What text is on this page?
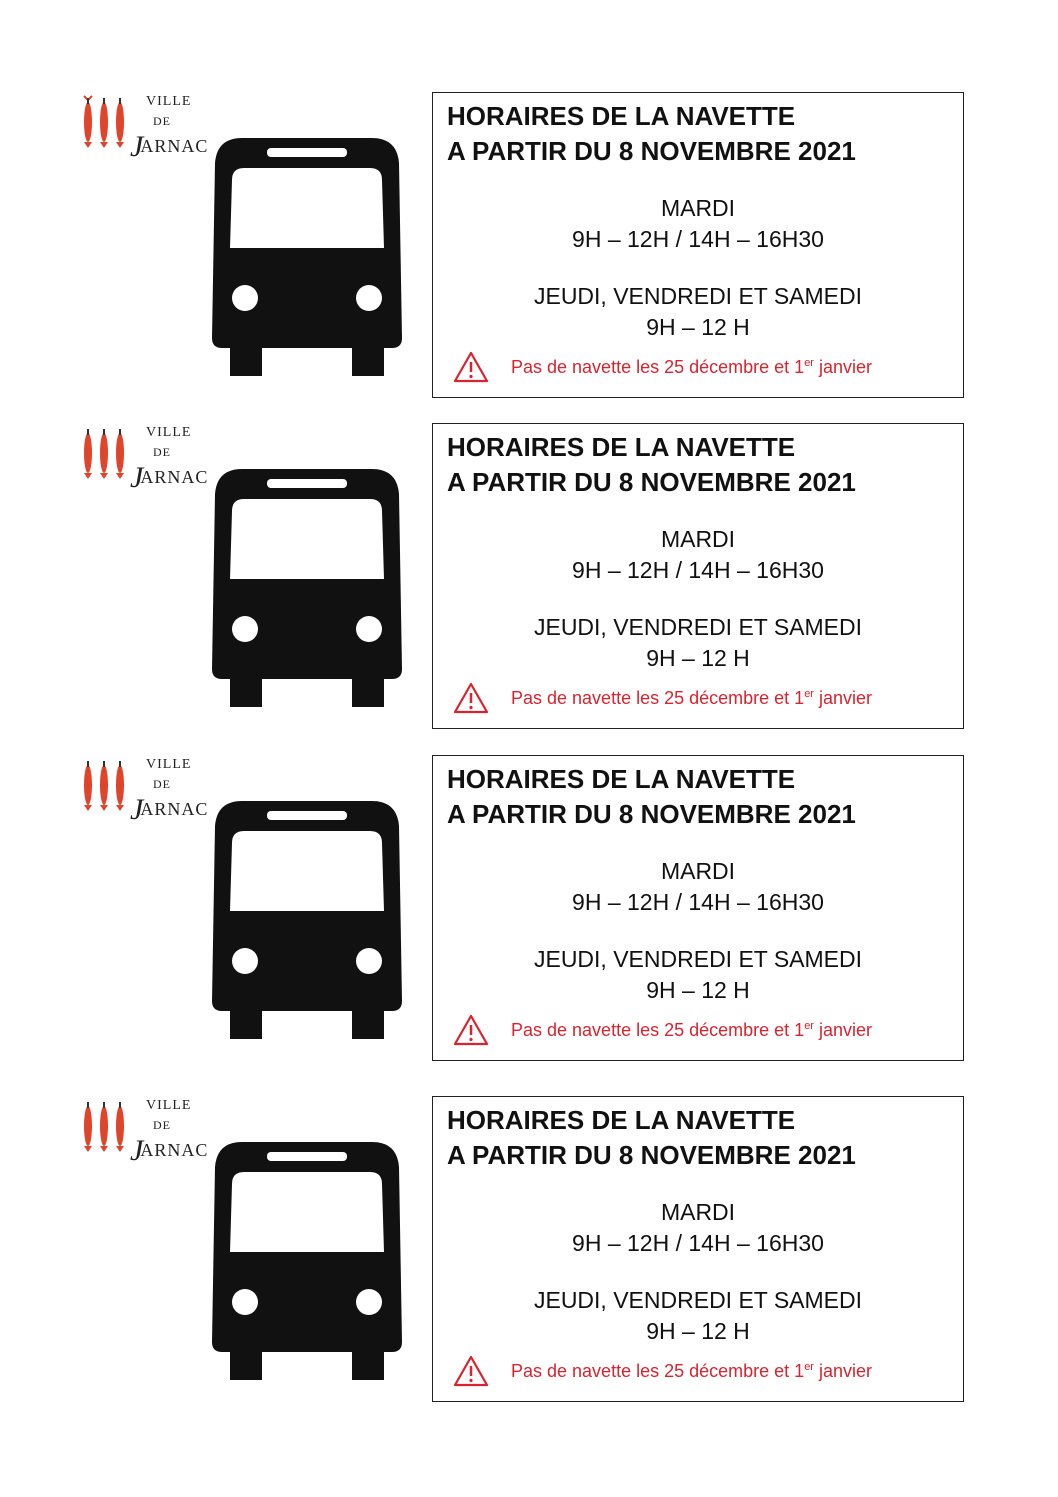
VILLE
DE
JARNAC
HORAIRES DE LA NAVETTE
A PARTIR DU 8 NOVEMBRE 2021
MARDI
9H – 12H / 14H – 16H30
JEUDI, VENDREDI ET SAMEDI
9H – 12 H
Pas de navette les 25 décembre et 1er janvier
VILLE
DE
JARNAC
HORAIRES DE LA NAVETTE
A PARTIR DU 8 NOVEMBRE 2021
MARDI
9H – 12H / 14H – 16H30
JEUDI, VENDREDI ET SAMEDI
9H – 12 H
Pas de navette les 25 décembre et 1er janvier
VILLE
DE
JARNAC
HORAIRES DE LA NAVETTE
A PARTIR DU 8 NOVEMBRE 2021
MARDI
9H – 12H / 14H – 16H30
JEUDI, VENDREDI ET SAMEDI
9H – 12 H
Pas de navette les 25 décembre et 1er janvier
VILLE
DE
JARNAC
HORAIRES DE LA NAVETTE
A PARTIR DU 8 NOVEMBRE 2021
MARDI
9H – 12H / 14H – 16H30
JEUDI, VENDREDI ET SAMEDI
9H – 12 H
Pas de navette les 25 décembre et 1er janvier
